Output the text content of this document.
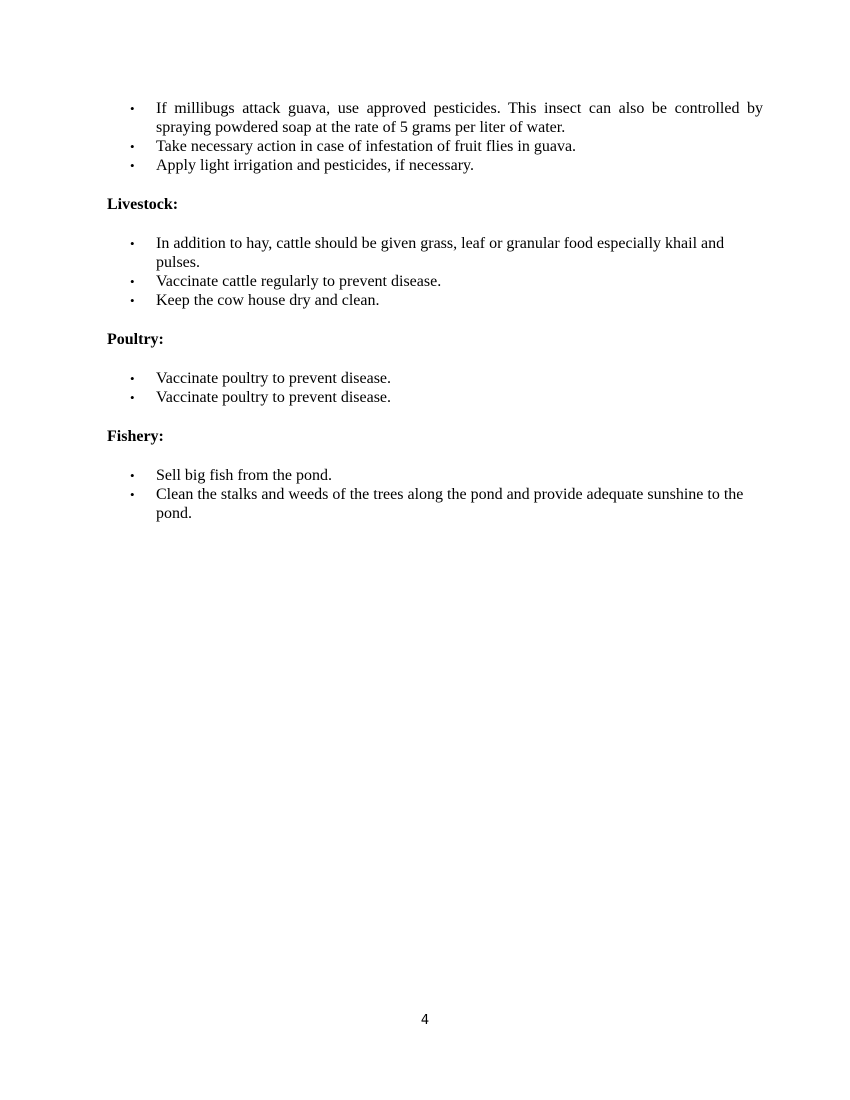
• If millibugs attack guava, use approved pesticides. This insect can also be controlled by spraying powdered soap at the rate of 5 grams per liter of water.
• Take necessary action in case of infestation of fruit flies in guava.
• Apply light irrigation and pesticides, if necessary.
Livestock:
• In addition to hay, cattle should be given grass, leaf or granular food especially khail and pulses.
• Vaccinate cattle regularly to prevent disease.
• Keep the cow house dry and clean.
Poultry:
• Vaccinate poultry to prevent disease.
• Vaccinate poultry to prevent disease.
Fishery:
• Sell big fish from the pond.
• Clean the stalks and weeds of the trees along the pond and provide adequate sunshine to the pond.
4
